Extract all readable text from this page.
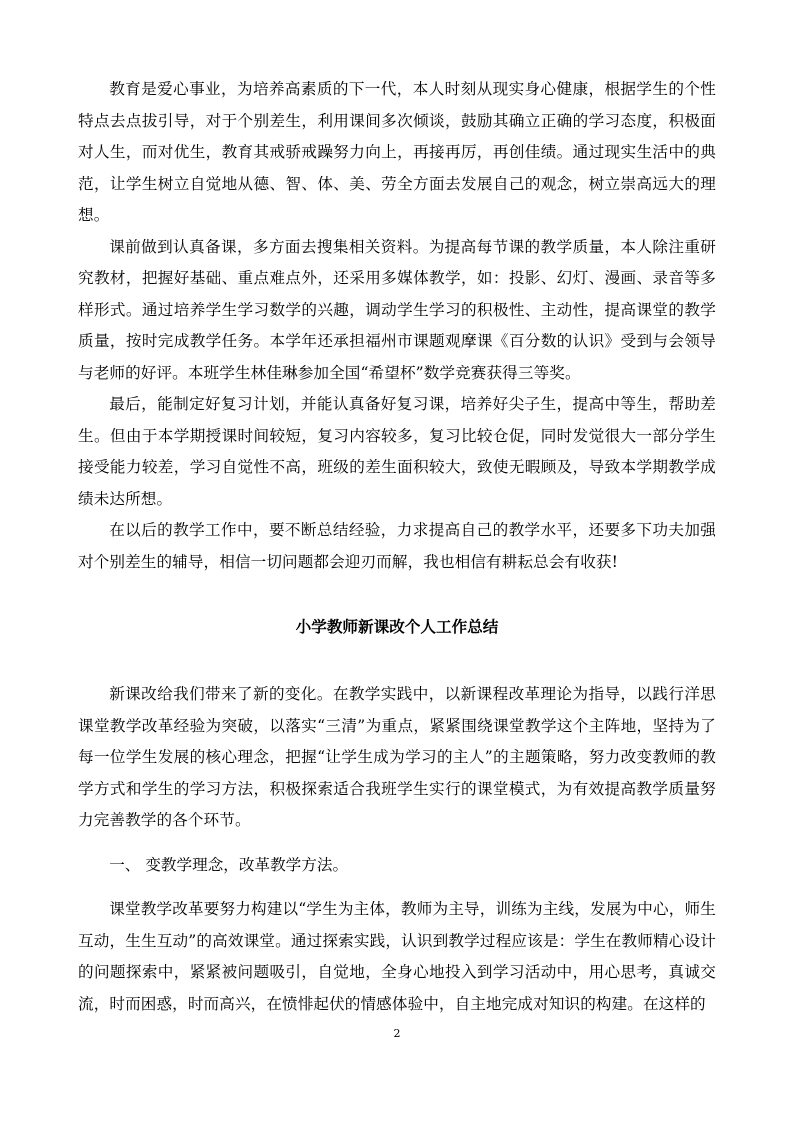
教育是爱心事业，为培养高素质的下一代，本人时刻从现实身心健康，根据学生的个性特点去点拔引导，对于个别差生，利用课间多次倾谈，鼓励其确立正确的学习态度，积极面对人生，而对优生，教育其戒骄戒躁努力向上，再接再厉，再创佳绩。通过现实生活中的典范，让学生树立自觉地从德、智、体、美、劳全方面去发展自己的观念，树立崇高远大的理想。

课前做到认真备课，多方面去搜集相关资料。为提高每节课的教学质量，本人除注重研究教材，把握好基础、重点难点外，还采用多媒体教学，如：投影、幻灯、漫画、录音等多样形式。通过培养学生学习数学的兴趣，调动学生学习的积极性、主动性，提高课堂的教学质量，按时完成教学任务。本学年还承担福州市课题观摩课《百分数的认识》受到与会领导与老师的好评。本班学生林佳琳参加全国“希望杯”数学竞赛获得三等奖。

最后，能制定好复习计划，并能认真备好复习课，培养好尖子生，提高中等生，帮助差生。但由于本学期授课时间较短，复习内容较多，复习比较仓促，同时发觉很大一部分学生接受能力较差，学习自觉性不高，班级的差生面积较大，致使无暇顾及，导致本学期教学成绩未达所想。

在以后的教学工作中，要不断总结经验，力求提高自己的教学水平，还要多下功夫加强对个别差生的辅导，相信一切问题都会迎刃而解，我也相信有耕耘总会有收获!

小学教师新课改个人工作总结

新课改给我们带来了新的变化。在教学实践中，以新课程改革理论为指导，以践行洋思课堂教学改革经验为突破，以落实“三清”为重点，紧紧围绕课堂教学这个主阵地，坚持为了每一位学生发展的核心理念，把握“让学生成为学习的主人”的主题策略，努力改变教师的教学方式和学生的学习方法，积极探索适合我班学生实行的课堂模式，为有效提高教学质量努力完善教学的各个环节。

一、 变教学理念，改革教学方法。

课堂教学改革要努力构建以“学生为主体，教师为主导，训练为主线，发展为中心，师生互动，生生互动”的高效课堂。通过探索实践，认识到教学过程应该是：学生在教师精心设计的问题探索中，紧紧被问题吸引，自觉地，全身心地投入到学习活动中，用心思考，真诚交流，时而困惑，时而高兴，在愤悱起伏的情感体验中，自主地完成对知识的构建。在这样的

2
